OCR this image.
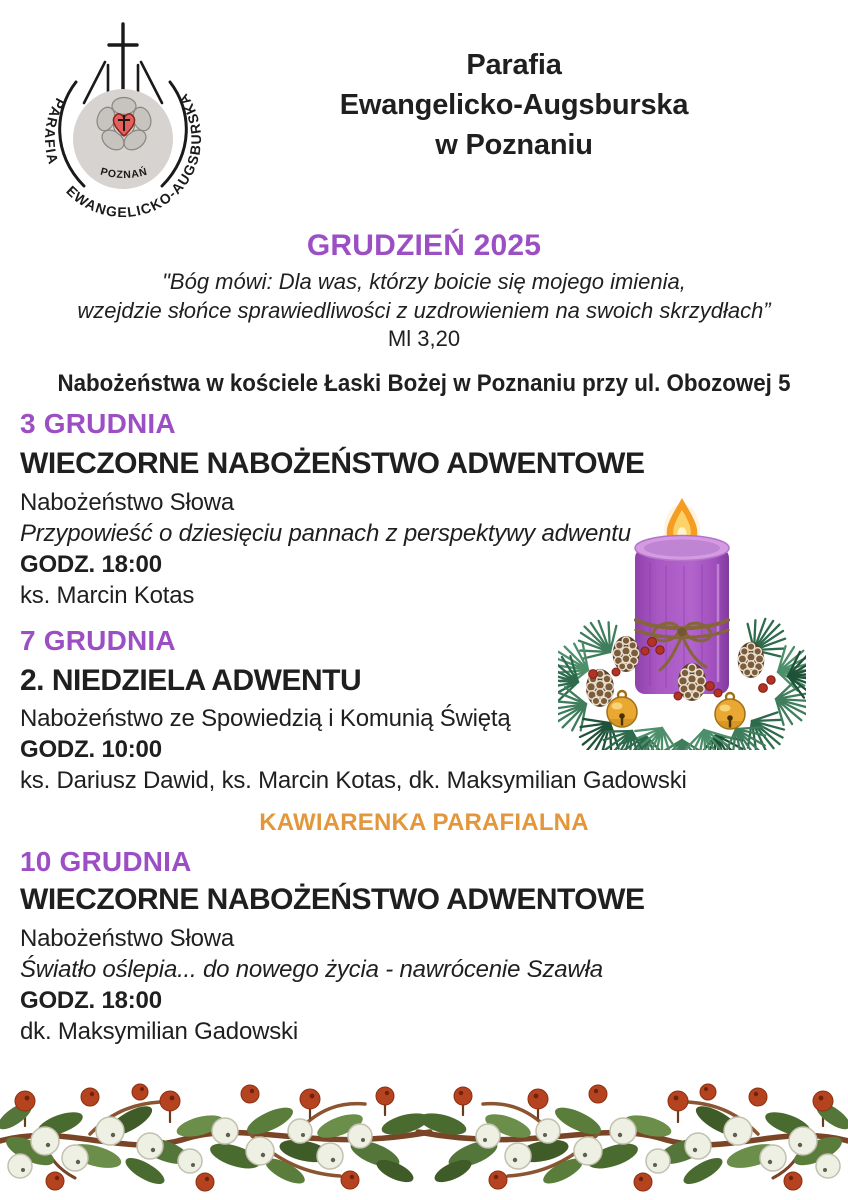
PARAFIA
EWANGELICKO-AUGSBURSKA
POZNAŃ
Parafia
Ewangelicko-Augsburska
w Poznaniu
GRUDZIEŃ 2025
"Bóg mówi: Dla was, którzy boicie się mojego imienia,
wzejdzie słońce sprawiedliwości z uzdrowieniem na swoich skrzydłach”
Ml 3,20
Nabożeństwa w kościele Łaski Bożej w Poznaniu przy ul. Obozowej 5
3 GRUDNIA
WIECZORNE NABOŻEŃSTWO ADWENTOWE
Nabożeństwo Słowa
Przypowieść o dziesięciu pannach z perspektywy adwentu
GODZ. 18:00
ks. Marcin Kotas
7 GRUDNIA
2. NIEDZIELA ADWENTU
Nabożeństwo ze Spowiedzią i Komunią Świętą
GODZ. 10:00
ks. Dariusz Dawid, ks. Marcin Kotas, dk. Maksymilian Gadowski
KAWIARENKA PARAFIALNA
10 GRUDNIA
WIECZORNE NABOŻEŃSTWO ADWENTOWE
Nabożeństwo Słowa
Światło oślepia... do nowego życia - nawrócenie Szawła
GODZ. 18:00
dk. Maksymilian Gadowski
